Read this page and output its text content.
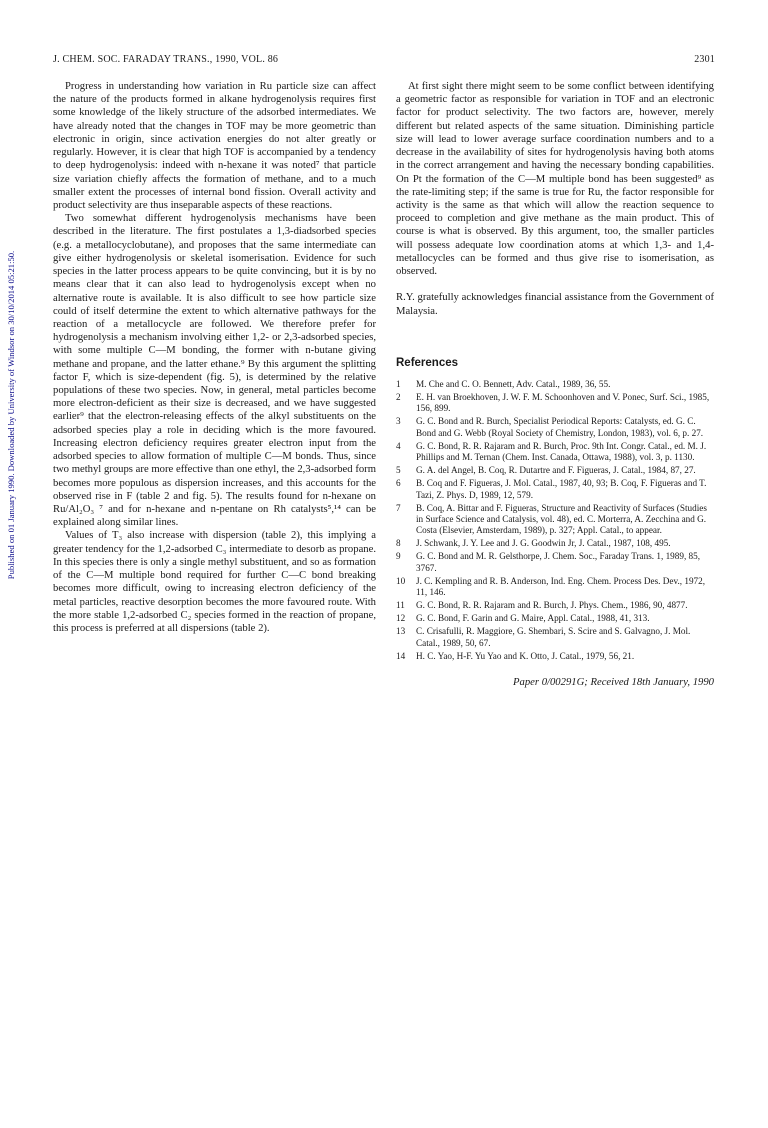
J. CHEM. SOC. FARADAY TRANS., 1990, VOL. 86	2301
Published on 01 January 1990. Downloaded by University of Windsor on 30/10/2014 05:21:50.

Progress in understanding how variation in Ru particle size can affect the nature of the products formed in alkane hydrogenolysis requires first some knowledge of the likely structure of the adsorbed intermediates. We have already noted that the changes in TOF may be more geometric than electronic in origin, since activation energies do not alter greatly or regularly. However, it is clear that high TOF is accompanied by a tendency to deep hydrogenolysis: indeed with n-hexane it was noted⁷ that particle size variation chiefly affects the formation of methane, and to a much smaller extent the processes of internal bond fission. Overall activity and product selectivity are thus inseparable aspects of these reactions.

Two somewhat different hydrogenolysis mechanisms have been described in the literature. The first postulates a 1,3-diadsorbed species (e.g. a metallocyclobutane), and proposes that the same intermediate can give either hydrogenolysis or skeletal isomerisation. Evidence for such species in the latter process appears to be quite convincing, but it is by no means clear that it can also lead to hydrogenolysis except when no alternative route is available. It is also difficult to see how particle size could of itself determine the extent to which alternative pathways for the reaction of a metallocycle are followed. We therefore prefer for hydrogenolysis a mechanism involving either 1,2- or 2,3-adsorbed species, with some multiple C—M bonding, the former with n-butane giving methane and propane, and the latter ethane.⁹ By this argument the splitting factor F, which is size-dependent (fig. 5), is determined by the relative populations of these two species. Now, in general, metal particles become more electron-deficient as their size is decreased, and we have suggested earlier⁹ that the electron-releasing effects of the alkyl substituents on the adsorbed species play a role in deciding which is the more favoured. Increasing electron deficiency requires greater electron input from the adsorbed species to allow formation of multiple C—M bonds. Thus, since two methyl groups are more effective than one ethyl, the 2,3-adsorbed form becomes more populous as dispersion increases, and this accounts for the observed rise in F (table 2 and fig. 5). The results found for n-hexane on Ru/Al₂O₃ ⁷ and for n-hexane and n-pentane on Rh catalysts⁵,¹⁴ can be explained along similar lines.

Values of T₃ also increase with dispersion (table 2), this implying a greater tendency for the 1,2-adsorbed C₃ intermediate to desorb as propane. In this species there is only a single methyl substituent, and so as formation of the C—M multiple bond required for further C—C bond breaking becomes more difficult, owing to increasing electron deficiency of the metal particles, reactive desorption becomes the more favoured route. With the more stable 1,2-adsorbed C₂ species formed in the reaction of propane, this process is preferred at all dispersions (table 2).

At first sight there might seem to be some conflict between identifying a geometric factor as responsible for variation in TOF and an electronic factor for product selectivity. The two factors are, however, merely different but related aspects of the same situation. Diminishing particle size will lead to lower average surface coordination numbers and to a decrease in the availability of sites for hydrogenolysis having both atoms in the correct arrangement and having the necessary bonding capabilities. On Pt the formation of the C—M multiple bond has been suggested⁹ as the rate-limiting step; if the same is true for Ru, the factor responsible for activity is the same as that which will allow the reaction sequence to proceed to completion and give methane as the main product. This of course is what is observed. By this argument, too, the smaller particles will possess adequate low coordination atoms at which 1,3- and 1,4-metallocycles can be formed and thus give rise to isomerisation, as observed.

R.Y. gratefully acknowledges financial assistance from the Government of Malaysia.

References
1	M. Che and C. O. Bennett, Adv. Catal., 1989, 36, 55.
2	E. H. van Broekhoven, J. W. F. M. Schoonhoven and V. Ponec, Surf. Sci., 1985, 156, 899.
3	G. C. Bond and R. Burch, Specialist Periodical Reports: Catalysts, ed. G. C. Bond and G. Webb (Royal Society of Chemistry, London, 1983), vol. 6, p. 27.
4	G. C. Bond, R. R. Rajaram and R. Burch, Proc. 9th Int. Congr. Catal., ed. M. J. Phillips and M. Ternan (Chem. Inst. Canada, Ottawa, 1988), vol. 3, p. 1130.
5	G. A. del Angel, B. Coq, R. Dutartre and F. Figueras, J. Catal., 1984, 87, 27.
6	B. Coq and F. Figueras, J. Mol. Catal., 1987, 40, 93; B. Coq, F. Figueras and T. Tazi, Z. Phys. D, 1989, 12, 579.
7	B. Coq, A. Bittar and F. Figueras, Structure and Reactivity of Surfaces (Studies in Surface Science and Catalysis, vol. 48), ed. C. Morterra, A. Zecchina and G. Costa (Elsevier, Amsterdam, 1989), p. 327; Appl. Catal., to appear.
8	J. Schwank, J. Y. Lee and J. G. Goodwin Jr, J. Catal., 1987, 108, 495.
9	G. C. Bond and M. R. Gelsthorpe, J. Chem. Soc., Faraday Trans. 1, 1989, 85, 3767.
10	J. C. Kempling and R. B. Anderson, Ind. Eng. Chem. Process Des. Dev., 1972, 11, 146.
11	G. C. Bond, R. R. Rajaram and R. Burch, J. Phys. Chem., 1986, 90, 4877.
12	G. C. Bond, F. Garin and G. Maire, Appl. Catal., 1988, 41, 313.
13	C. Crisafulli, R. Maggiore, G. Shembari, S. Scire and S. Galvagno, J. Mol. Catal., 1989, 50, 67.
14	H. C. Yao, H-F. Yu Yao and K. Otto, J. Catal., 1979, 56, 21.
Paper 0/00291G; Received 18th January, 1990
